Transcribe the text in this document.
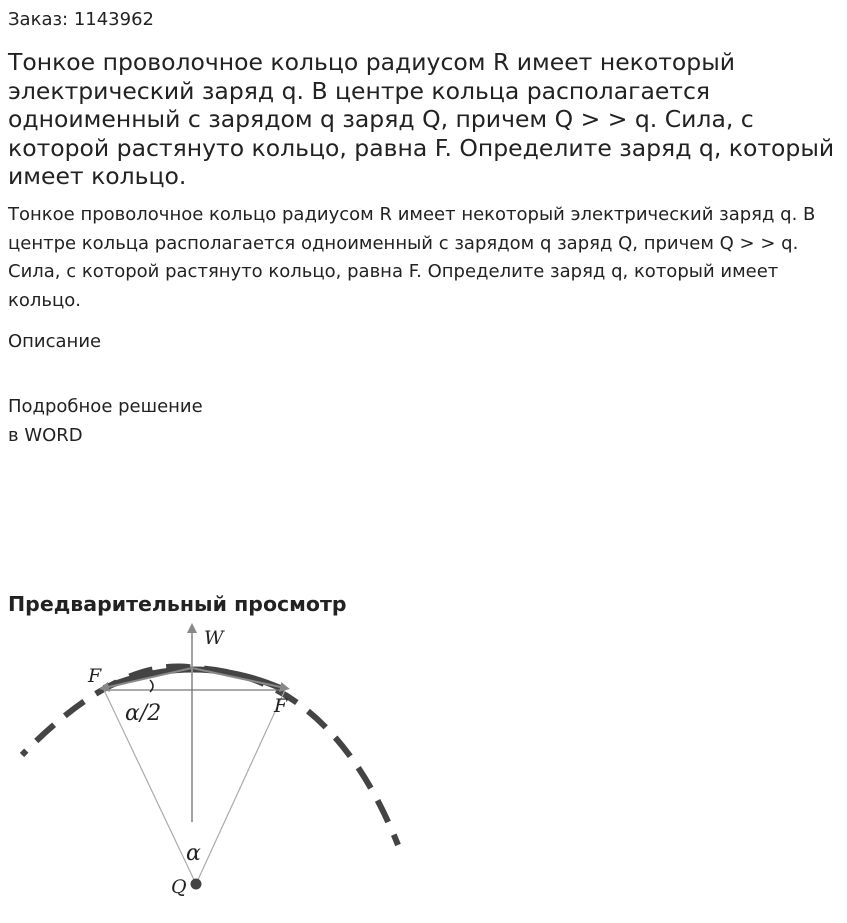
Заказ: 1143962
Тонкое проволочное кольцо радиусом R имеет некоторый электрический заряд q. В центре кольца располагается одноименный с зарядом q заряд Q, причем Q > > q. Сила, с которой растянуто кольцо, равна F. Определите заряд q, который имеет кольцо.

Тонкое проволочное кольцо радиусом R имеет некоторый электрический заряд q. В центре кольца располагается одноименный с зарядом q заряд Q, причем Q > > q. Сила, с которой растянуто кольцо, равна F. Определите заряд q, который имеет кольцо.

Описание
Подробное решение
в WORD
Предварительный просмотр
W
F
F
α/2
α
Q
